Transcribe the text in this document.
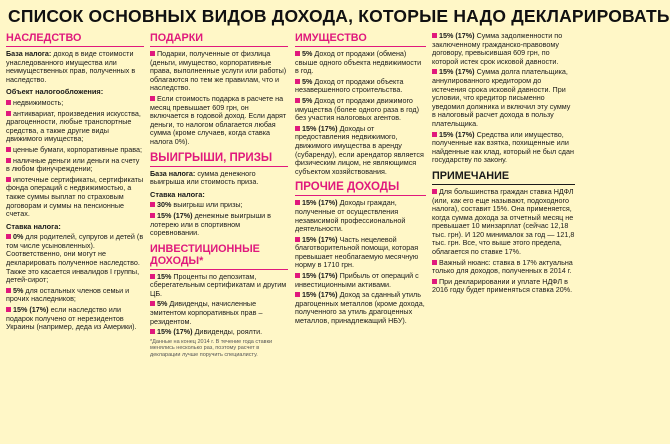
СПИСОК ОСНОВНЫХ ВИДОВ ДОХОДА, КОТОРЫЕ НАДО ДЕКЛАРИРОВАТЬ
НАСЛЕДСТВО

База налога: доход в виде стоимости унаследованного имущества или неимущественных прав, полученных в наследство.

Объект налогообложения:

недвижимость;

антиквариат, произведения искусства, драгоценности, любые транспортные средства, а также другие виды движимого имущества;

ценные бумаги, корпоративные права;

наличные деньги или деньги на счету в любом финучреждении;

ипотечные сертификаты, сертификаты фонда операций с недвижимостью, а также суммы выплат по страховым договорам и суммы на пенсионные счетах.

Ставка налога:

0% для родителей, супругов и детей (в том числе усыновленных). Соответственно, они могут не декларировать полученное наследство. Также это касается инвалидов I группы, детей-сирот;

5% для остальных членов семьи и прочих наследников;

15% (17%) если наследство или подарок получено от нерезидентов Украины (например, деда из Америки).

ПОДАРКИ

Подарки, полученные от физлица (деньги, имущество, корпоративные права, выполненные услуги или работы) облагаются по тем же правилам, что и наследство.

Если стоимость подарка в расчете на месяц превышает 609 грн, он включается в годовой доход. Если дарят деньги, то налогом облагается любая сумма (кроме случаев, когда ставка налога 0%).

ВЫИГРЫШИ, ПРИЗЫ

База налога: сумма денежного выигрыша или стоимость приза.

Ставка налога:

30% выигрыш или призы;

15% (17%) денежные выигрыши в лотерею или в спортивном соревновании.

ИНВЕСТИЦИОННЫЕ ДОХОДЫ*

15% Проценты по депозитам, сберегательным сертификатам и другим ЦБ.

5% Дивиденды, начисленные эмитентом корпоративных прав – резидентом.

15% (17%) Дивиденды, роялти.

*Данные на конец 2014 г. В течение года ставки менялись несколько раз, поэтому расчет в декларации лучше поручить специалисту.

ИМУЩЕСТВО

5% Доход от продажи (обмена) свыше одного объекта недвижимости в год.

5% Доход от продажи объекта незавершенного строительства.

5% Доход от продажи движимого имущества (более одного раза в год) без участия налоговых агентов.

15% (17%) Доходы от предоставления недвижимого, движимого имущества в аренду (субаренду), если арендатор является физическим лицом, не являющимся субъектом хозяйствования.

ПРОЧИЕ ДОХОДЫ

15% (17%) Доходы граждан, полученные от осуществления независимой профессиональной деятельности.

15% (17%) Часть нецелевой благотворительной помощи, которая превышает необлагаемую месячную норму в 1710 грн.

15% (17%) Прибыль от операций с инвестиционными активами.

15% (17%) Доход за сданный утиль драгоценных металлов (кроме дохода, полученного за утиль драгоценных металлов, принадлежащий НБУ).

15% (17%) Сумма задолженности по заключенному гражданско-правовому договору, превысившая 609 грн, по которой истек срок исковой давности.

15% (17%) Сумма долга плательщика, аннулированного кредитором до истечения срока исковой давности. При условии, что кредитор письменно уведомил должника и включил эту сумму в налоговый расчет дохода в пользу плательщика.

15% (17%) Средства или имущество, полученные как взятка, похищенные или найденные как клад, который не был сдан государству по закону.

ПРИМЕЧАНИЕ

Для большинства граждан ставка НДФЛ (или, как его еще называют, подоходного налога), составит 15%. Она применяется, когда сумма дохода за отчетный месяц не превышает 10 минзарплат (сейчас 12,18 тыс. грн). И 120 минималок за год — 121,8 тыс. грн. Все, что выше этого предела, облагается по ставке 17%.

Важный нюанс: ставка в 17% актуальна только для доходов, полученных в 2014 г.

При декларировании и уплате НДФЛ в 2016 году будет применяться ставка 20%.
